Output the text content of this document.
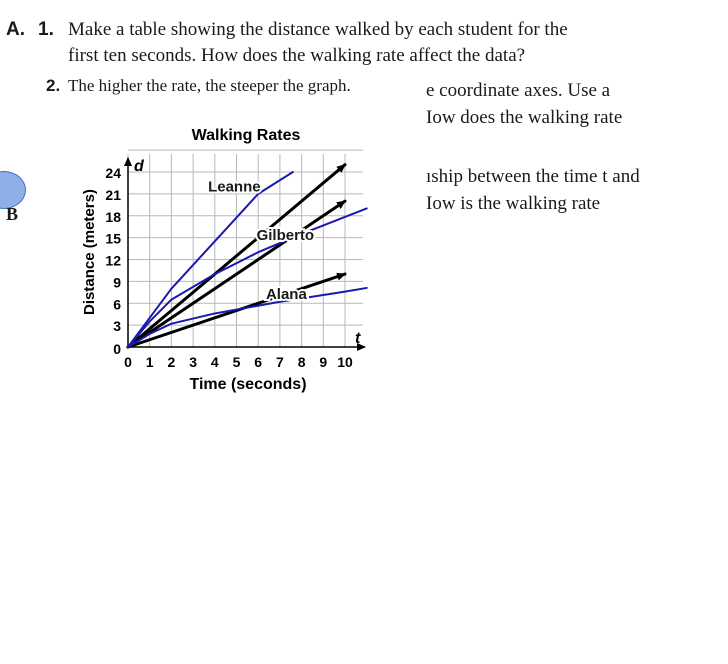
B
A. 1. Make a table showing the distance walked by each student for the
first ten seconds. How does the walking rate affect the data?
2. The higher the rate, the steeper the graph.	e coordinate axes. Use a
Iow does the walking rate
ıship between the time t and
Iow is the walking rate
d
t
0 1 2 3 4 5 6 7 8 9 10
0
3
6
9
12
15
18
21
24
Walking Rates
Time (seconds)
Distance (meters)
Leanne
Gilberto
Alana
